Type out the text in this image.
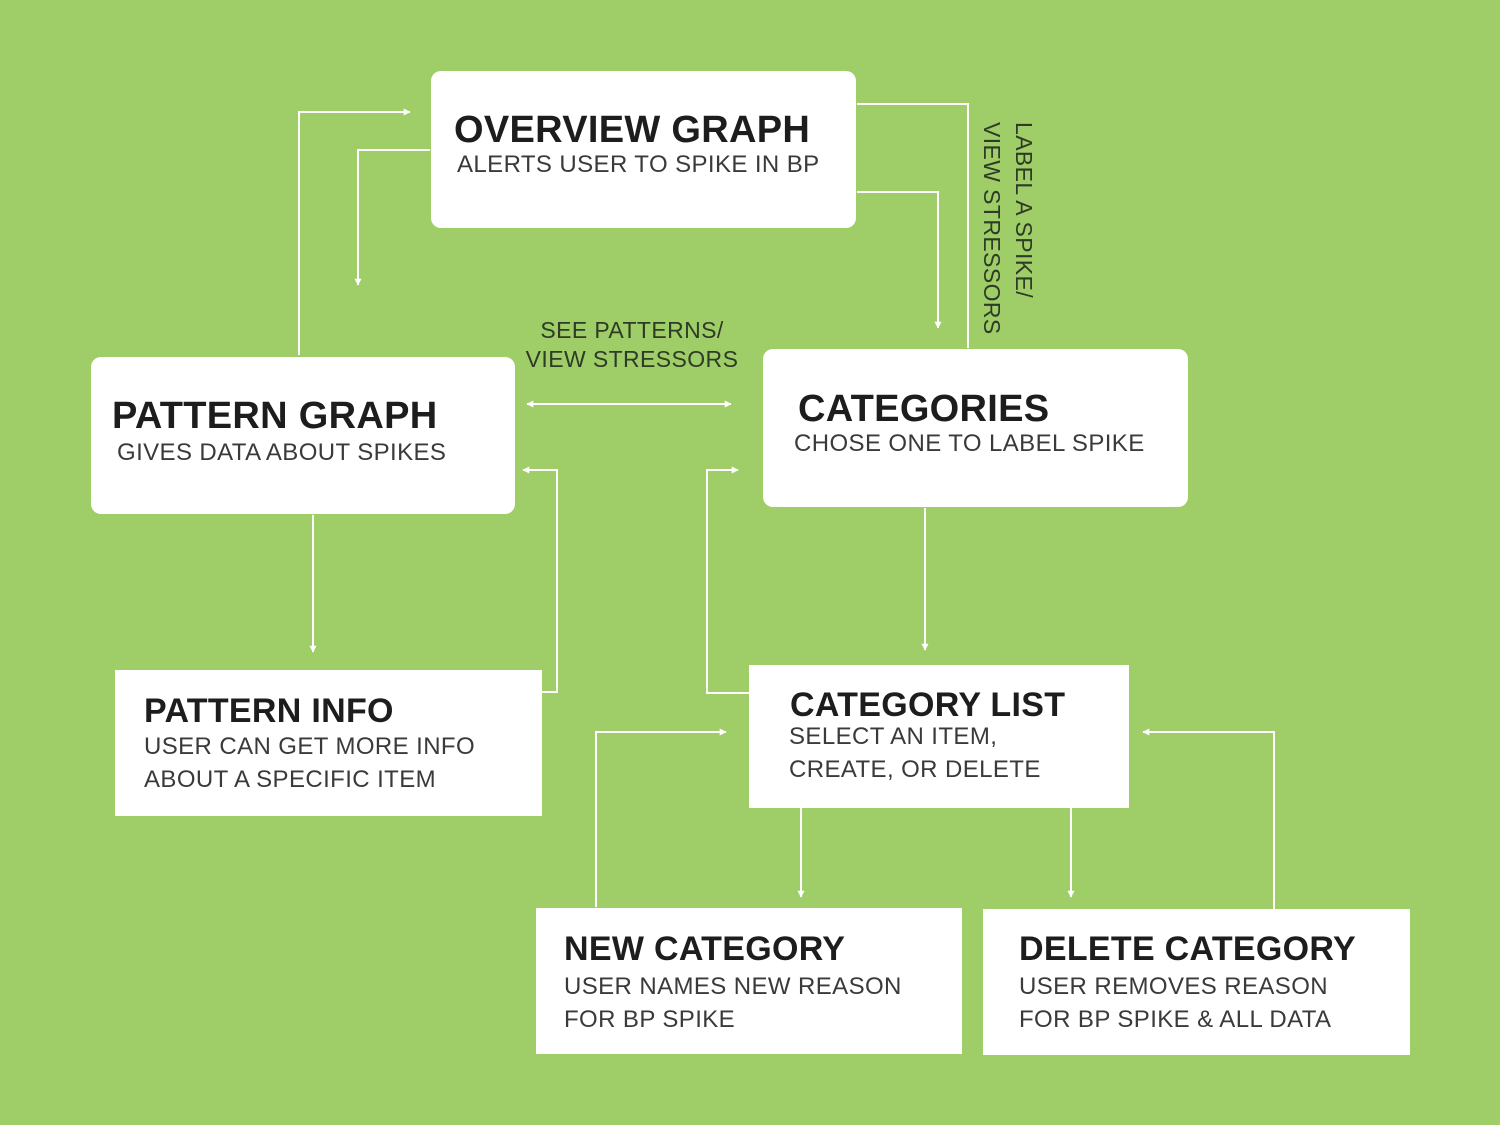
OVERVIEW GRAPH
ALERTS USER TO SPIKE IN BP
PATTERN GRAPH
GIVES DATA ABOUT SPIKES
CATEGORIES
CHOSE ONE TO LABEL SPIKE
PATTERN INFO
USER CAN GET MORE INFO
ABOUT A SPECIFIC ITEM
CATEGORY LIST
SELECT AN ITEM,
CREATE, OR DELETE
NEW CATEGORY
USER NAMES NEW REASON
FOR BP SPIKE
DELETE CATEGORY
USER REMOVES REASON
FOR BP SPIKE & ALL DATA
SEE PATTERNS/
VIEW STRESSORS
LABEL A SPIKE/
VIEW STRESSORS
